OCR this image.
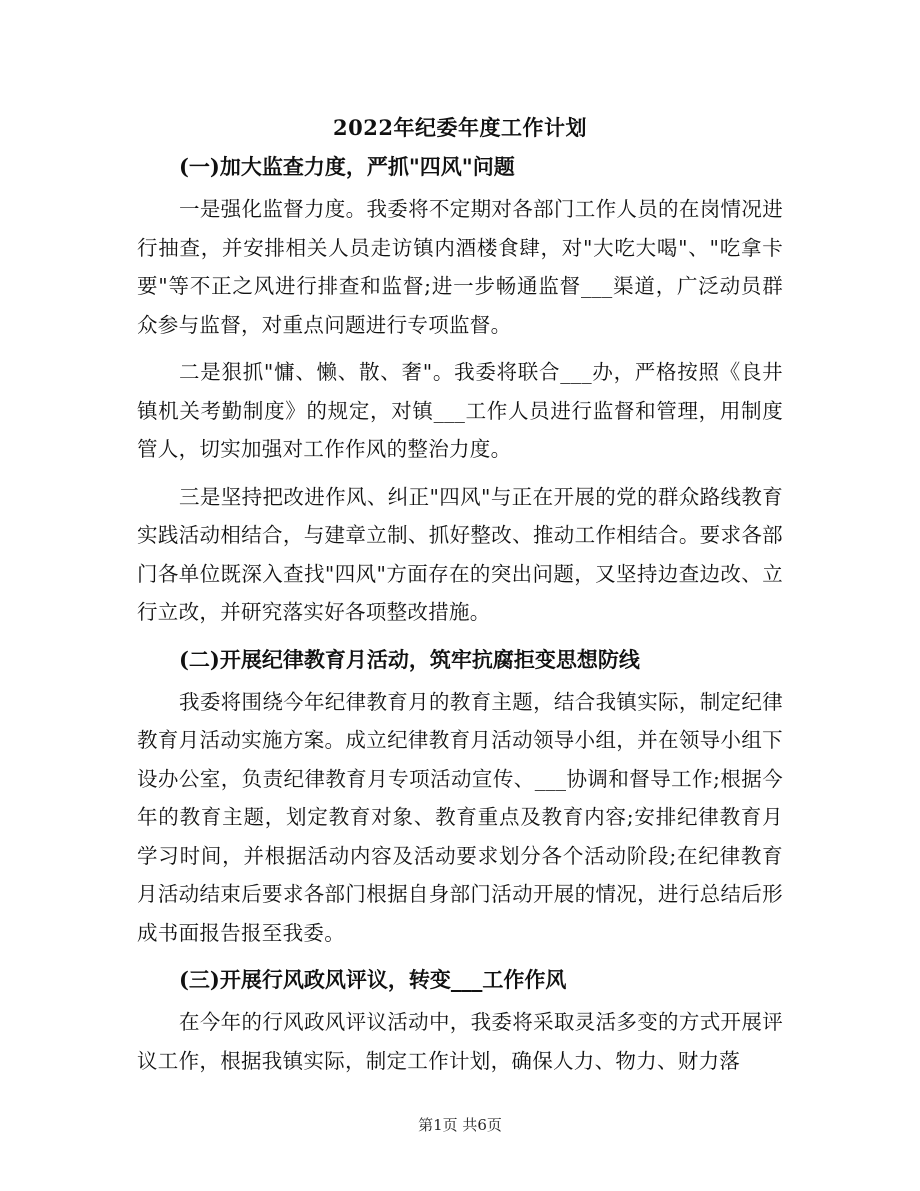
2022年纪委年度工作计划
(一)加大监查力度，严抓"四风"问题

一是强化监督力度。我委将不定期对各部门工作人员的在岗情况进行抽查，并安排相关人员走访镇内酒楼食肆，对"大吃大喝"、"吃拿卡要"等不正之风进行排查和监督;进一步畅通监督___渠道，广泛动员群众参与监督，对重点问题进行专项监督。

二是狠抓"慵、懒、散、奢"。我委将联合___办，严格按照《良井镇机关考勤制度》的规定，对镇___工作人员进行监督和管理，用制度管人，切实加强对工作作风的整治力度。

三是坚持把改进作风、纠正"四风"与正在开展的党的群众路线教育实践活动相结合，与建章立制、抓好整改、推动工作相结合。要求各部门各单位既深入查找"四风"方面存在的突出问题，又坚持边查边改、立行立改，并研究落实好各项整改措施。

(二)开展纪律教育月活动，筑牢抗腐拒变思想防线

我委将围绕今年纪律教育月的教育主题，结合我镇实际，制定纪律教育月活动实施方案。成立纪律教育月活动领导小组，并在领导小组下设办公室，负责纪律教育月专项活动宣传、___协调和督导工作;根据今年的教育主题，划定教育对象、教育重点及教育内容;安排纪律教育月学习时间，并根据活动内容及活动要求划分各个活动阶段;在纪律教育月活动结束后要求各部门根据自身部门活动开展的情况，进行总结后形成书面报告报至我委。

(三)开展行风政风评议，转变___工作作风

在今年的行风政风评议活动中，我委将采取灵活多变的方式开展评议工作，根据我镇实际，制定工作计划，确保人力、物力、财力落

第1页 共6页
